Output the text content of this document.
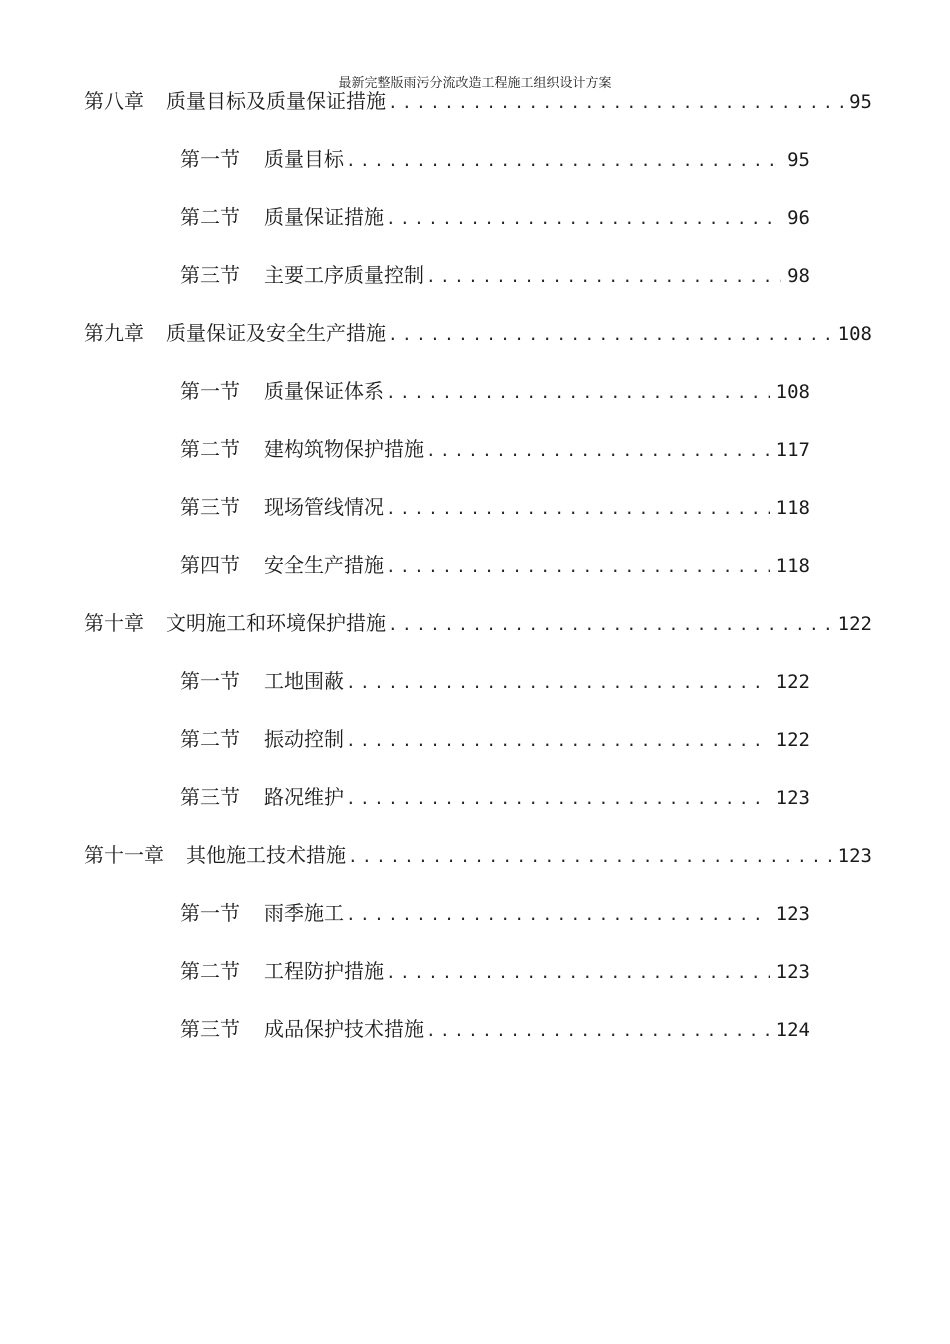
最新完整版雨污分流改造工程施工组织设计方案
第八章 质量目标及质量保证措施 .....	95
第一节 质量目标 .....	95
第二节 质量保证措施 .....	96
第三节 主要工序质量控制 .....	98
第九章 质量保证及安全生产措施 .....	108
第一节 质量保证体系 .....	108
第二节 建构筑物保护措施 .....	117
第三节 现场管线情况 .....	118
第四节 安全生产措施 .....	118
第十章 文明施工和环境保护措施 .....	122
第一节 工地围蔽 .....	122
第二节 振动控制 .....	122
第三节 路况维护 .....	123
第十一章 其他施工技术措施 .....	123
第一节 雨季施工 .....	123
第二节 工程防护措施 .....	123
第三节 成品保护技术措施 .....	124
